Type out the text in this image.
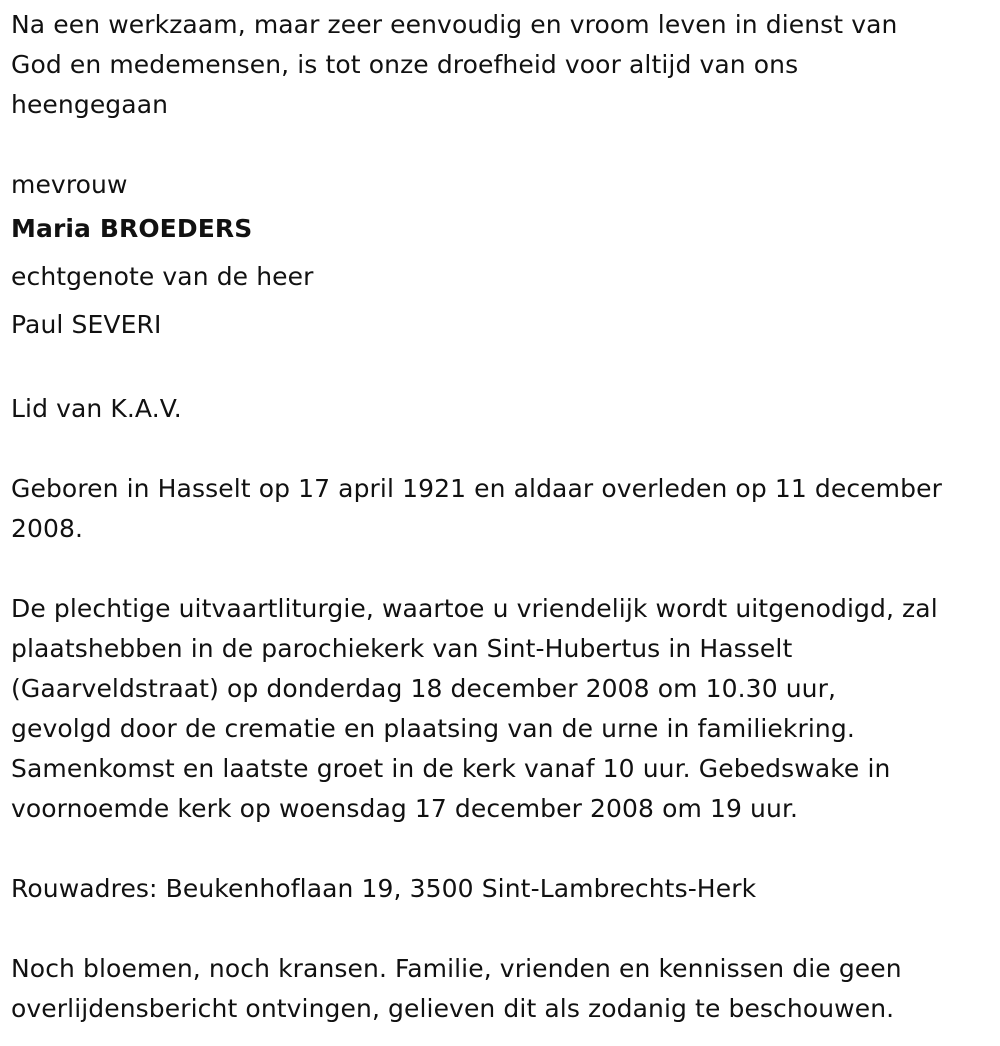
Na een werkzaam, maar zeer eenvoudig en vroom leven in dienst van
God en medemensen, is tot onze droefheid voor altijd van ons
heengegaan
mevrouw
Maria BROEDERS
echtgenote van de heer
Paul SEVERI
Lid van K.A.V.
Geboren in Hasselt op 17 april 1921 en aldaar overleden op 11 december
2008.
De plechtige uitvaartliturgie, waartoe u vriendelijk wordt uitgenodigd, zal
plaatshebben in de parochiekerk van Sint-Hubertus in Hasselt
(Gaarveldstraat) op donderdag 18 december 2008 om 10.30 uur,
gevolgd door de crematie en plaatsing van de urne in familiekring.
Samenkomst en laatste groet in de kerk vanaf 10 uur. Gebedswake in
voornoemde kerk op woensdag 17 december 2008 om 19 uur.
Rouwadres: Beukenhoflaan 19, 3500 Sint-Lambrechts-Herk
Noch bloemen, noch kransen. Familie, vrienden en kennissen die geen
overlijdensbericht ontvingen, gelieven dit als zodanig te beschouwen.
